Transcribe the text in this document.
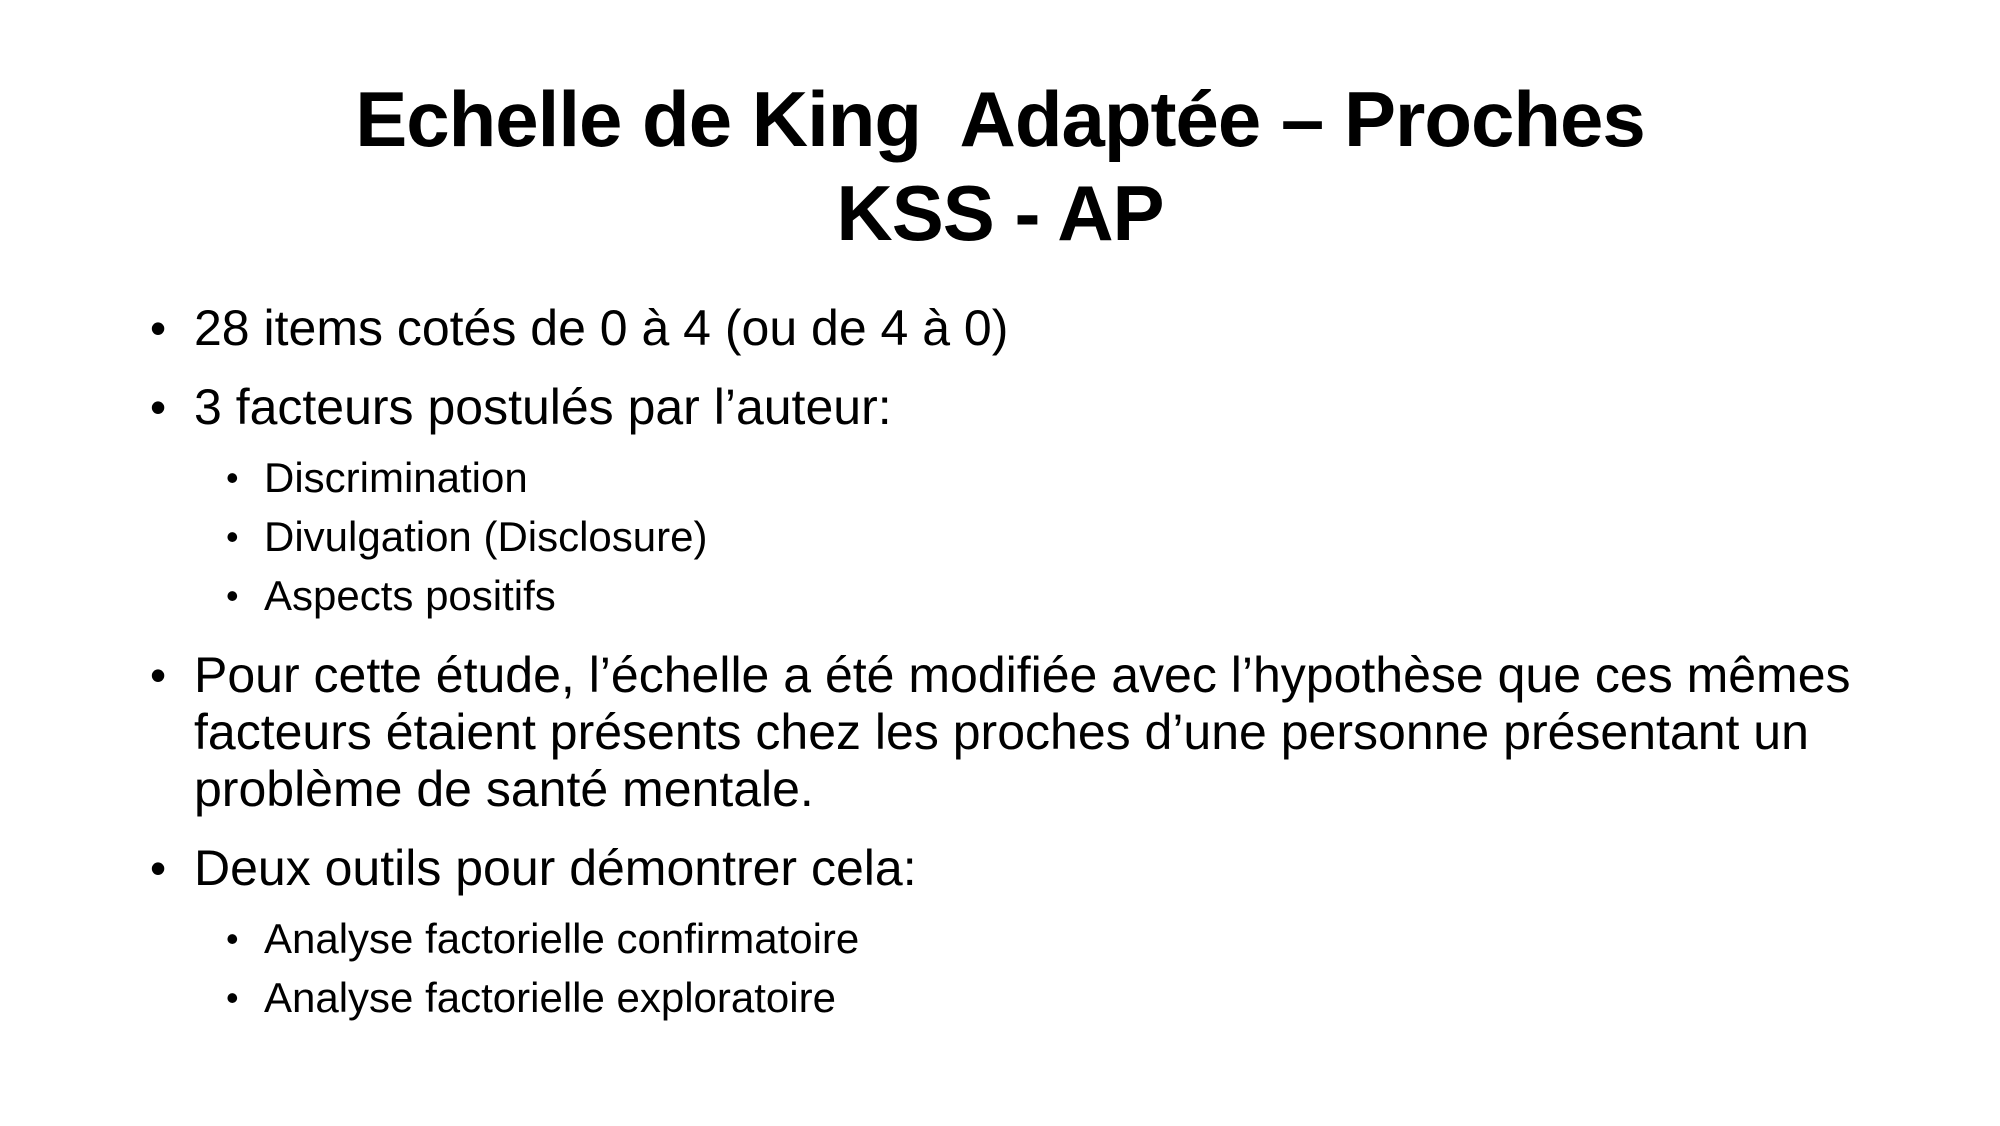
Echelle de King  Adaptée – Proches
KSS - AP
• 28 items cotés de 0 à 4 (ou de 4 à 0)
• 3 facteurs postulés par l’auteur:
• Discrimination
• Divulgation (Disclosure)
• Aspects positifs
• Pour cette étude, l’échelle a été modifiée avec l’hypothèse que ces mêmes facteurs étaient présents chez les proches d’une personne présentant un problème de santé mentale.
• Deux outils pour démontrer cela:
• Analyse factorielle confirmatoire
• Analyse factorielle exploratoire
